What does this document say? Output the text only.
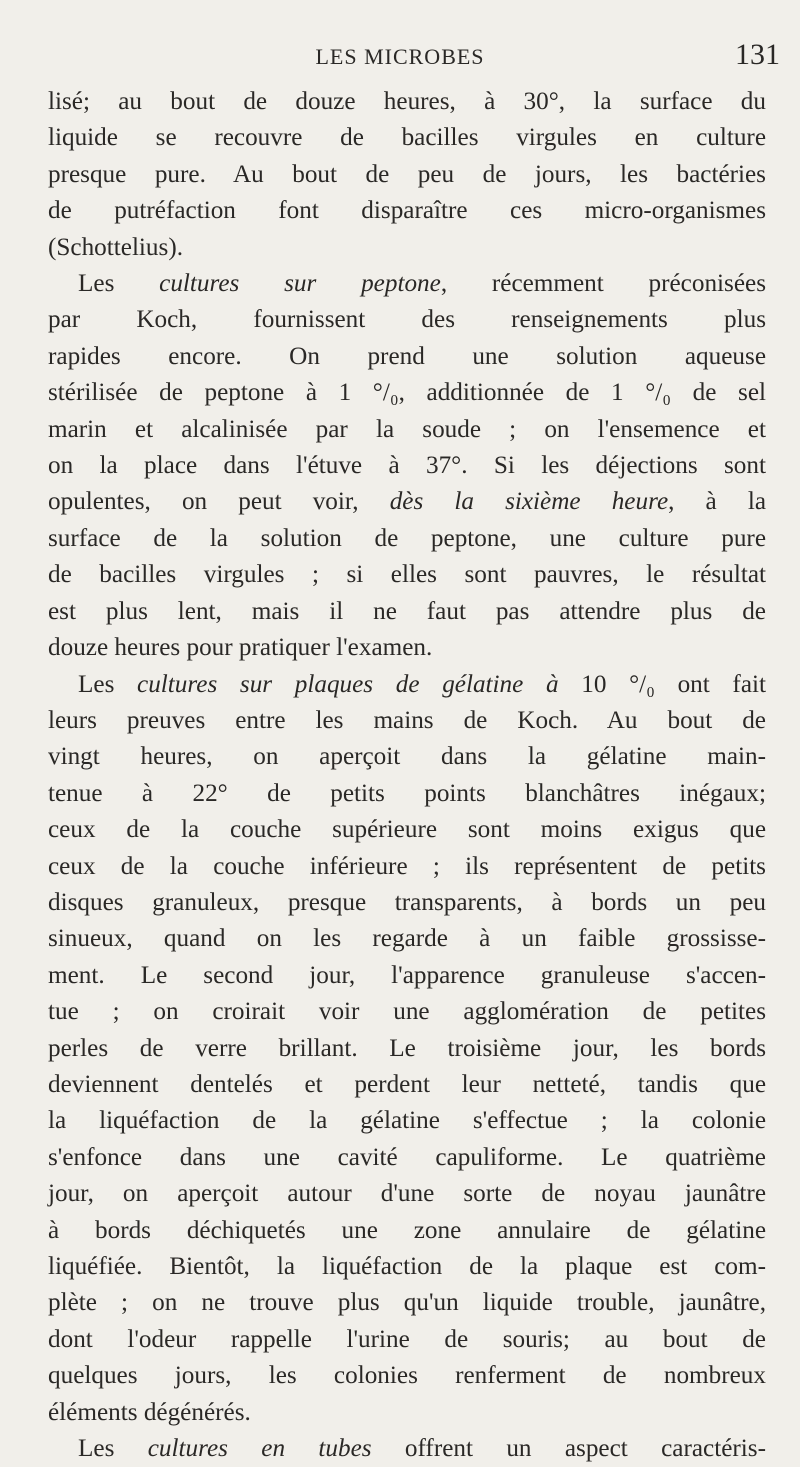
LES MICROBES	131
lisé; au bout de douze heures, à 30°, la surface du
liquide se recouvre de bacilles virgules en culture
presque pure. Au bout de peu de jours, les bactéries
de putréfaction font disparaître ces micro-organismes
(Schottelius).
Les cultures sur peptone, récemment préconisées
par Koch, fournissent des renseignements plus
rapides encore. On prend une solution aqueuse
stérilisée de peptone à 1 °/₀, additionnée de 1 °/₀ de sel
marin et alcalinisée par la soude ; on l'ensemence et
on la place dans l'étuve à 37°. Si les déjections sont
opulentes, on peut voir, dès la sixième heure, à la
surface de la solution de peptone, une culture pure
de bacilles virgules ; si elles sont pauvres, le résultat
est plus lent, mais il ne faut pas attendre plus de
douze heures pour pratiquer l'examen.
Les cultures sur plaques de gélatine à 10 °/₀ ont fait
leurs preuves entre les mains de Koch. Au bout de
vingt heures, on aperçoit dans la gélatine main-
tenue à 22° de petits points blanchâtres inégaux;
ceux de la couche supérieure sont moins exigus que
ceux de la couche inférieure ; ils représentent de petits
disques granuleux, presque transparents, à bords un peu
sinueux, quand on les regarde à un faible grossisse-
ment. Le second jour, l'apparence granuleuse s'accen-
tue ; on croirait voir une agglomération de petites
perles de verre brillant. Le troisième jour, les bords
deviennent dentelés et perdent leur netteté, tandis que
la liquéfaction de la gélatine s'effectue ; la colonie
s'enfonce dans une cavité capuliforme. Le quatrième
jour, on aperçoit autour d'une sorte de noyau jaunâtre
à bords déchiquetés une zone annulaire de gélatine
liquéfiée. Bientôt, la liquéfaction de la plaque est com-
plète ; on ne trouve plus qu'un liquide trouble, jaunâtre,
dont l'odeur rappelle l'urine de souris; au bout de
quelques jours, les colonies renferment de nombreux
éléments dégénérés.
Les cultures en tubes offrent un aspect caractéris-
